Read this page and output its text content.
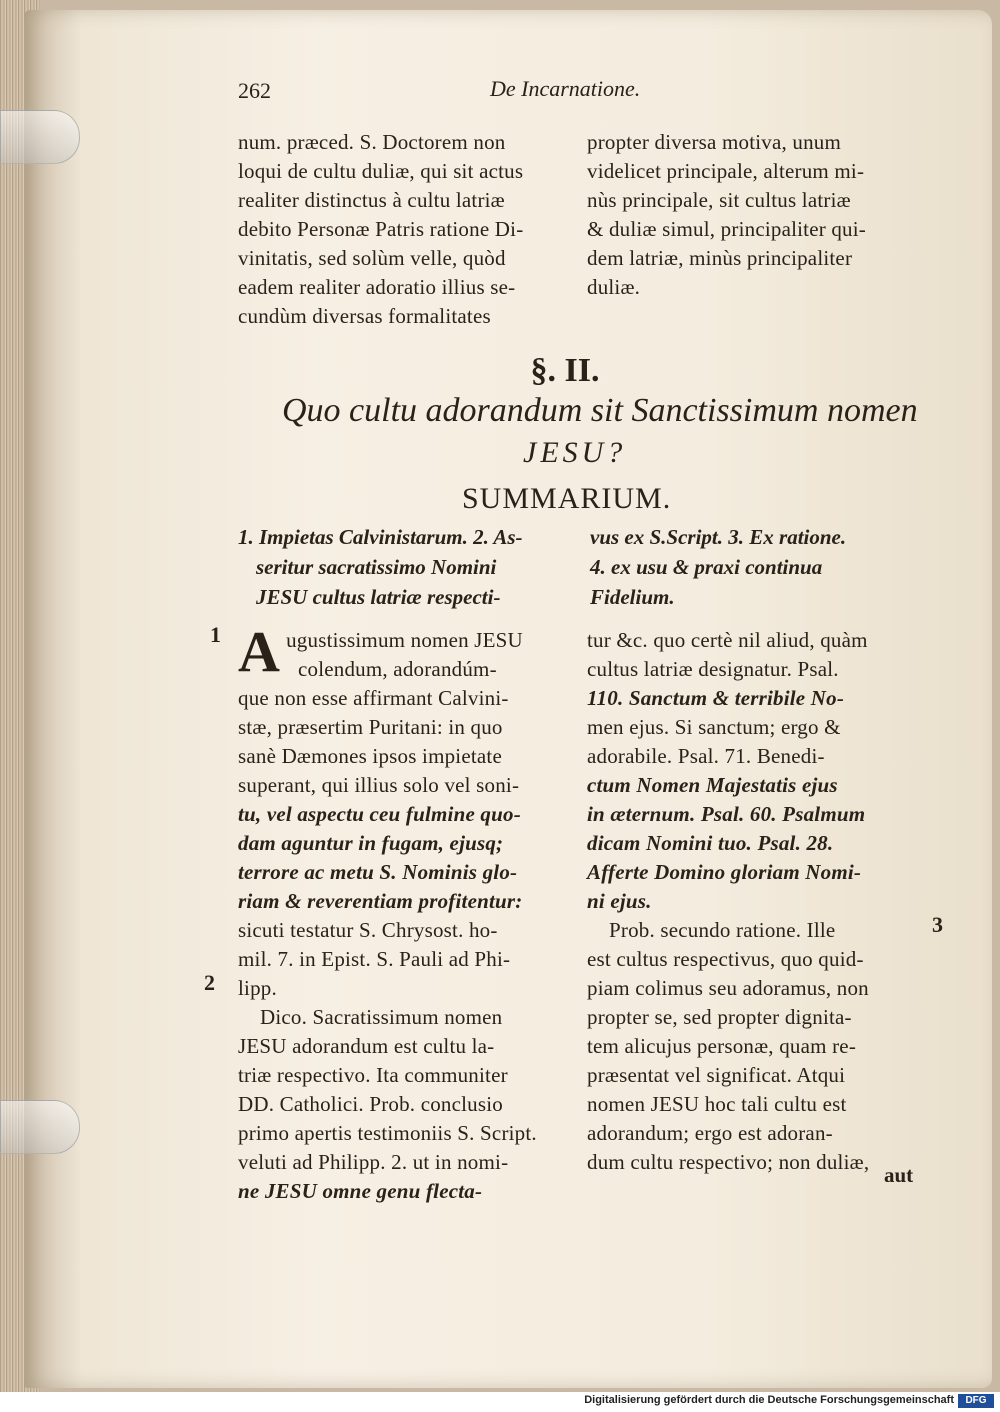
262	De Incarnatione.
num. præced. S. Doctorem non
loqui de cultu duliæ, qui sit actus
realiter distinctus à cultu latriæ
debito Personæ Patris ratione Di-
vinitatis, sed solùm velle, quòd
eadem realiter adoratio illius se-
cundùm diversas formalitates
propter diversa motiva, unum
videlicet principale, alterum mi-
nùs principale, sit cultus latriæ
& duliæ simul, principaliter qui-
dem latriæ, minùs principaliter
duliæ.
§. II.
Quo cultu adorandum sit Sanctissimum nomen
JESU?
SUMMARIUM.
1. Impietas Calvinistarum. 2. As-
seritur sacratissimo Nomini
JESU cultus latriæ respecti-
vus ex S.Script. 3. Ex ratione.
4. ex usu & praxi continua
Fidelium.
1
2
3
Augustissimum nomen JESU
colendum, adorandúm-
que non esse affirmant Calvini-
stæ, præsertim Puritani: in quo
sanè Dæmones ipsos impietate
superant, qui illius solo vel soni-
tu, vel aspectu ceu fulmine quo-
dam aguntur in fugam, ejusq;
terrore ac metu S. Nominis glo-
riam & reverentiam profitentur:
sicuti testatur S. Chrysost. ho-
mil. 7. in Epist. S. Pauli ad Phi-
lipp.
Dico. Sacratissimum nomen
JESU adorandum est cultu la-
triæ respectivo. Ita communiter
DD. Catholici. Prob. conclusio
primo apertis testimoniis S. Script.
veluti ad Philipp. 2. ut in nomi-
ne JESU omne genu flecta-
tur &c. quo certè nil aliud, quàm
cultus latriæ designatur. Psal.
110. Sanctum & terribile No-
men ejus. Si sanctum; ergo &
adorabile. Psal. 71. Benedi-
ctum Nomen Majestatis ejus
in æternum. Psal. 60. Psalmum
dicam Nomini tuo. Psal. 28.
Afferte Domino gloriam Nomi-
ni ejus.
Prob. secundo ratione. Ille
est cultus respectivus, quo quid-
piam colimus seu adoramus, non
propter se, sed propter dignita-
tem alicujus personæ, quam re-
præsentat vel significat. Atqui
nomen JESU hoc tali cultu est
adorandum; ergo est adoran-
dum cultu respectivo; non duliæ,
aut
Digitalisierung gefördert durch die Deutsche Forschungsgemeinschaft	DFG
